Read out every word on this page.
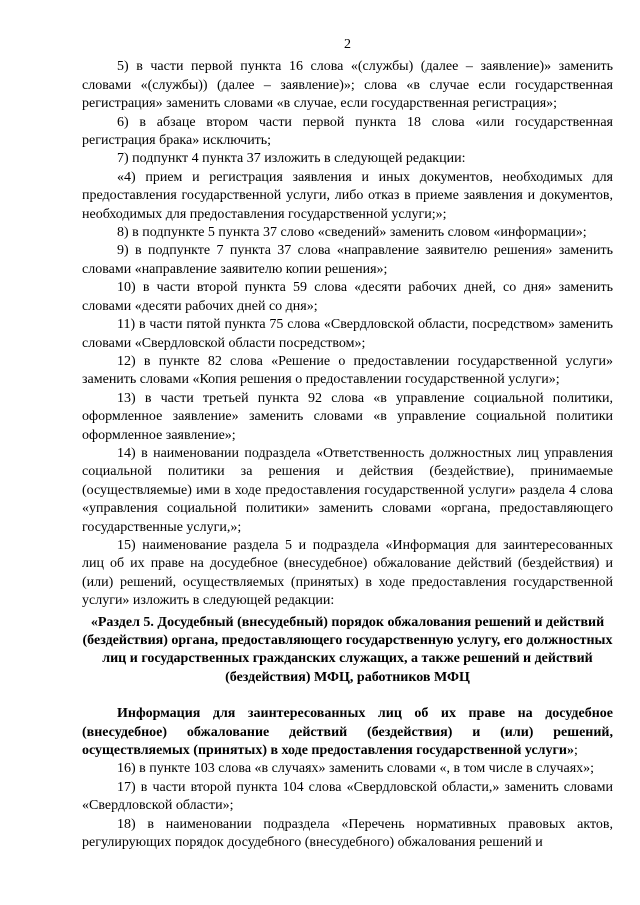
2

5) в части первой пункта 16 слова «(службы) (далее – заявление)» заменить словами «(службы)) (далее – заявление)»; слова «в случае если государственная регистрация» заменить словами «в случае, если государственная регистрация»;

6) в абзаце втором части первой пункта 18 слова «или государственная регистрация брака» исключить;

7) подпункт 4 пункта 37 изложить в следующей редакции:

«4) прием и регистрация заявления и иных документов, необходимых для предоставления государственной услуги, либо отказ в приеме заявления и документов, необходимых для предоставления государственной услуги;»;

8) в подпункте 5 пункта 37 слово «сведений» заменить словом «информации»;

9) в подпункте 7 пункта 37 слова «направление заявителю решения» заменить словами «направление заявителю копии решения»;

10) в части второй пункта 59 слова «десяти рабочих дней, со дня» заменить словами «десяти рабочих дней со дня»;

11) в части пятой пункта 75 слова «Свердловской области, посредством» заменить словами «Свердловской области посредством»;

12) в пункте 82 слова «Решение о предоставлении государственной услуги» заменить словами «Копия решения о предоставлении государственной услуги»;

13) в части третьей пункта 92 слова «в управление социальной политики, оформленное заявление» заменить словами «в управление социальной политики оформленное заявление»;

14) в наименовании подраздела «Ответственность должностных лиц управления социальной политики за решения и действия (бездействие), принимаемые (осуществляемые) ими в ходе предоставления государственной услуги» раздела 4 слова «управления социальной политики» заменить словами «органа, предоставляющего государственные услуги,»;

15) наименование раздела 5 и подраздела «Информация для заинтересованных лиц об их праве на досудебное (внесудебное) обжалование действий (бездействия) и (или) решений, осуществляемых (принятых) в ходе предоставления государственной услуги» изложить в следующей редакции:

«Раздел 5. Досудебный (внесудебный) порядок обжалования решений и действий (бездействия) органа, предоставляющего государственную услугу, его должностных лиц и государственных гражданских служащих, а также решений и действий (бездействия) МФЦ, работников МФЦ

Информация для заинтересованных лиц об их праве на досудебное (внесудебное) обжалование действий (бездействия) и (или) решений, осуществляемых (принятых) в ходе предоставления государственной услуги»;

16) в пункте 103 слова «в случаях» заменить словами «, в том числе в случаях»;

17) в части второй пункта 104 слова «Свердловской области,» заменить словами «Свердловской области»;

18) в наименовании подраздела «Перечень нормативных правовых актов, регулирующих порядок досудебного (внесудебного) обжалования решений и
